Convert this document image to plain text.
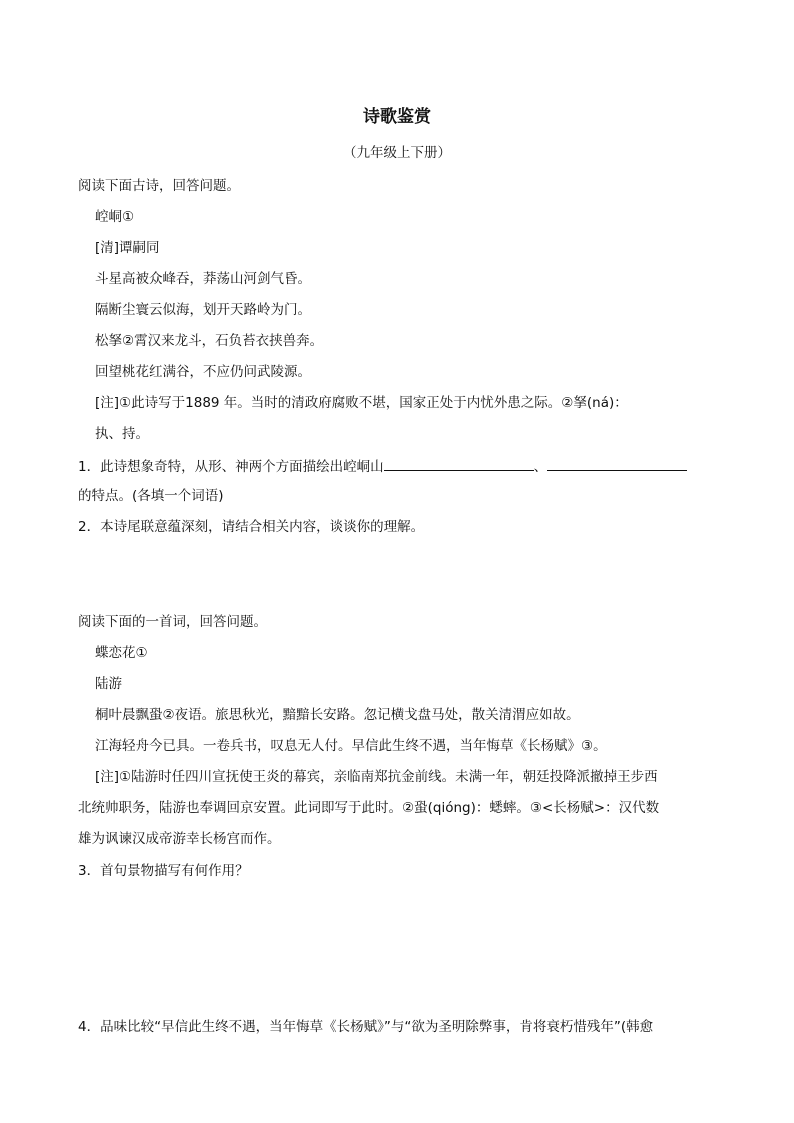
诗歌鉴赏
（九年级上下册）
阅读下面古诗，回答问题。
崆峒①
[清]谭嗣同
斗星高被众峰吞，莽荡山河剑气昏。
隔断尘寰云似海，划开天路岭为门。
松拏②霄汉来龙斗，石负苔衣挟兽奔。
回望桃花红满谷，不应仍问武陵源。
[注]①此诗写于1889 年。当时的清政府腐败不堪，国家正处于内忧外患之际。②拏(ná)：
执、持。
1．此诗想象奇特，从形、神两个方面描绘出崆峒山	、
的特点。(各填一个词语)
2．本诗尾联意蕴深刻，请结合相关内容，谈谈你的理解。
阅读下面的一首词，回答问题。
蝶恋花①
陆游
桐叶晨飘蛩②夜语。旅思秋光，黯黯长安路。忽记横戈盘马处，散关清渭应如故。
江海轻舟今已具。一卷兵书，叹息无人付。早信此生终不遇，当年悔草《长杨赋》③。
[注]①陆游时任四川宣抚使王炎的幕宾，亲临南郑抗金前线。未满一年，朝廷投降派撤掉王步西
北统帅职务，陆游也奉调回京安置。此词即写于此时。②蛩(qióng)：蟋蟀。③<长杨赋>：汉代数
雄为讽谏汉成帝游幸长杨宫而作。
3．首句景物描写有何作用？
4．品味比较“早信此生终不遇，当年悔草《长杨赋》”与“欲为圣明除弊事，肯将衰朽惜残年”(韩愈
